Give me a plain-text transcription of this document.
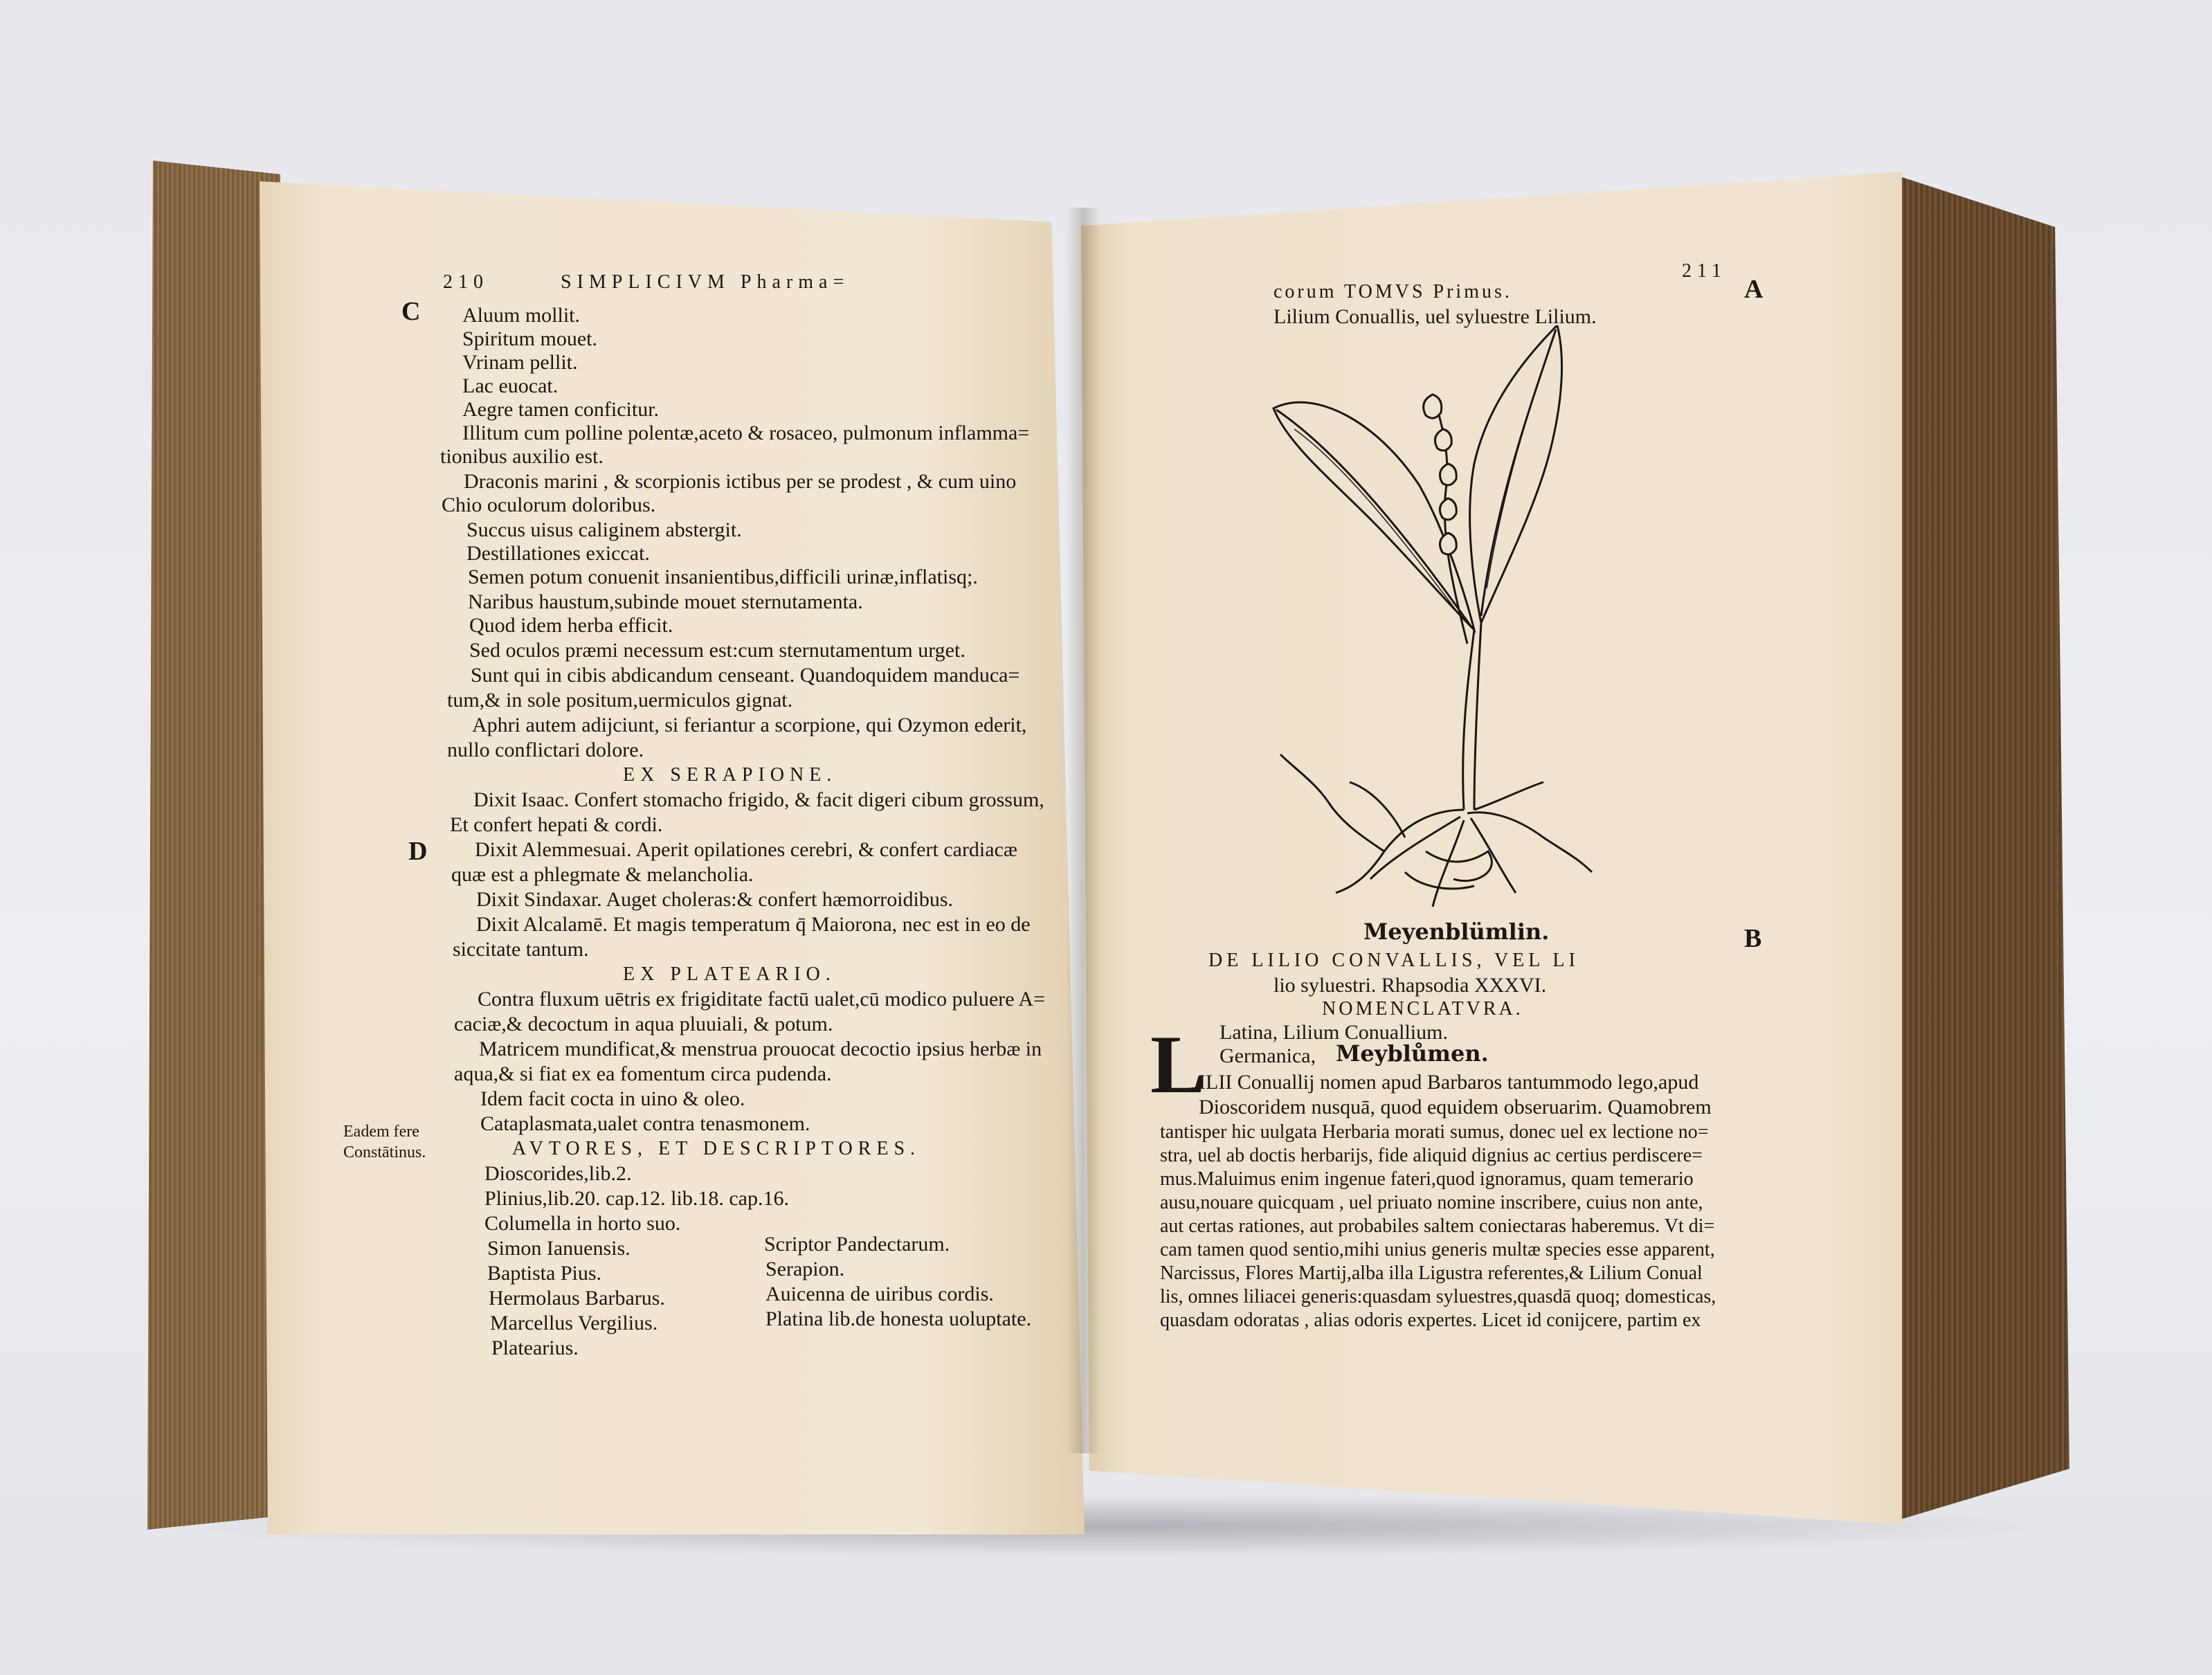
210	SIMPLICIVM Pharma=
C Aluum mollit.
Spiritum mouet.
Vrinam pellit.
Lac euocat.
Aegre tamen conficitur.
Illitum cum polline polentæ,aceto & rosaceo, pulmonum inflamma=
tionibus auxilio est.
Draconis marini , & scorpionis ictibus per se prodest , & cum uino
Chio oculorum doloribus.
Succus uisus caliginem abstergit.
Destillationes exiccat.
Semen potum conuenit insanientibus,difficili urinæ,inflatisq;.
Naribus haustum,subinde mouet sternutamenta.
Quod idem herba efficit.
Sed oculos præmi necessum est:cum sternutamentum urget.
Sunt qui in cibis abdicandum censeant. Quandoquidem manduca=
tum,& in sole positum,uermiculos gignat.
Aphri autem adijciunt, si feriantur a scorpione, qui Ozymon ederit,
nullo conflictari dolore.
EX SERAPIONE.
Dixit Isaac. Confert stomacho frigido, & facit digeri cibum grossum,
Et confert hepati & cordi.
D Dixit Alemmesuai. Aperit opilationes cerebri, & confert cardiacæ
quæ est a phlegmate & melancholia.
Dixit Sindaxar. Auget choleras:& confert hæmorroidibus.
Dixit Alcalamē. Et magis temperatum q̄ Maiorona, nec est in eo de
siccitate tantum.
EX PLATEARIO.
Contra fluxum uētris ex frigiditate factū ualet,cū modico puluere A=
caciæ,& decoctum in aqua pluuiali, & potum.
Matricem mundificat,& menstrua prouocat decoctio ipsius herbæ in
aqua,& si fiat ex ea fomentum circa pudenda.
Idem facit cocta in uino & oleo.
Cataplasmata,ualet contra tenasmonem.
AVTORES, ET DESCRIPTORES.
Eadem fere
Constātinus.
Dioscorides,lib.2.
Plinius,lib.20. cap.12. lib.18. cap.16.
Columella in horto suo.
Simon Ianuensis.
Baptista Pius.
Hermolaus Barbarus.
Marcellus Vergilius.
Platearius.
Scriptor Pandectarum.
Serapion.
Auicenna de uiribus cordis.
Platina lib.de honesta uoluptate.
corum TOMVS Primus.
211
A
Lilium Conuallis, uel syluestre Lilium.
Meyenblümlin.	B
DE LILIO CONVALLIS, VEL LI
lio syluestri. Rhapsodia XXXVI.
NOMENCLATVRA.
Latina, Lilium Conuallium.
Germanica, Meyblůmen.
L
ILII Conuallij nomen apud Barbaros tantummodo lego,apud
Dioscoridem nusquā, quod equidem obseruarim. Quamobrem
tantisper hic uulgata Herbaria morati sumus, donec uel ex lectione no=
stra, uel ab doctis herbarijs, fide aliquid dignius ac certius perdiscere=
mus.Maluimus enim ingenue fateri,quod ignoramus, quam temerario
ausu,nouare quicquam , uel priuato nomine inscribere, cuius non ante,
aut certas rationes, aut probabiles saltem coniectaras haberemus. Vt di=
cam tamen quod sentio,mihi unius generis multæ species esse apparent,
Narcissus, Flores Martij,alba illa Ligustra referentes,& Lilium Conual
lis, omnes liliacei generis:quasdam syluestres,quasdā quoq; domesticas,
quasdam odoratas , alias odoris expertes. Licet id conijcere, partim ex
